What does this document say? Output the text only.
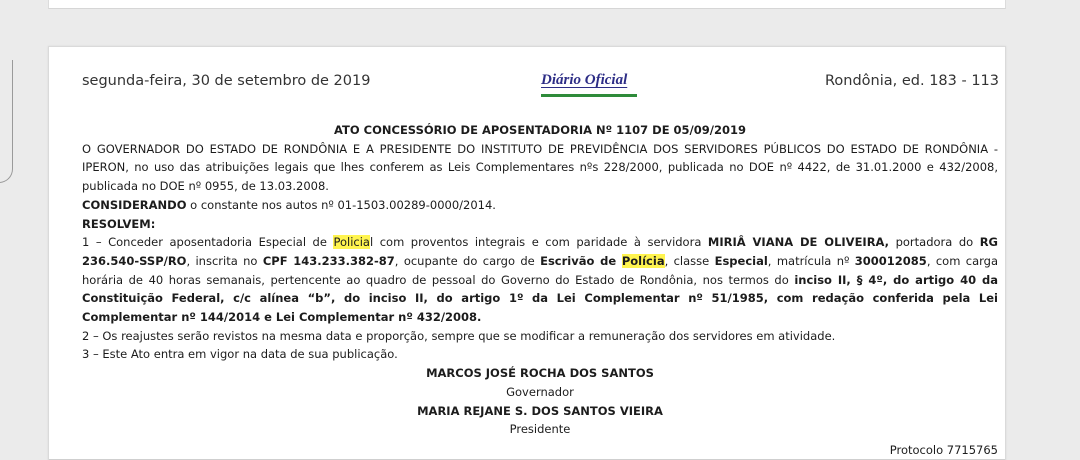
segunda-feira, 30 de setembro de 2019	Diário Oficial	Rondônia, ed. 183 - 113
ATO CONCESSÓRIO DE APOSENTADORIA Nº 1107 DE 05/09/2019
O GOVERNADOR DO ESTADO DE RONDÔNIA E A PRESIDENTE DO INSTITUTO DE PREVIDÊNCIA DOS SERVIDORES PÚBLICOS DO ESTADO DE RONDÔNIA - IPERON, no uso das atribuições legais que lhes conferem as Leis Complementares nºs 228/2000, publicada no DOE nº 4422, de 31.01.2000 e 432/2008, publicada no DOE nº 0955, de 13.03.2008.
CONSIDERANDO o constante nos autos nº 01-1503.00289-0000/2014.
RESOLVEM:
1 – Conceder aposentadoria Especial de Policial com proventos integrais e com paridade à servidora MIRIÂ VIANA DE OLIVEIRA, portadora do RG 236.540-SSP/RO, inscrita no CPF 143.233.382-87, ocupante do cargo de Escrivão de Polícia, classe Especial, matrícula nº 300012085, com carga horária de 40 horas semanais, pertencente ao quadro de pessoal do Governo do Estado de Rondônia, nos termos do inciso II, § 4º, do artigo 40 da Constituição Federal, c/c alínea “b”, do inciso II, do artigo 1º da Lei Complementar nº 51/1985, com redação conferida pela Lei Complementar nº 144/2014 e Lei Complementar nº 432/2008.
2 – Os reajustes serão revistos na mesma data e proporção, sempre que se modificar a remuneração dos servidores em atividade.
3 – Este Ato entra em vigor na data de sua publicação.
MARCOS JOSÉ ROCHA DOS SANTOS
Governador
MARIA REJANE S. DOS SANTOS VIEIRA
Presidente
Protocolo 7715765
